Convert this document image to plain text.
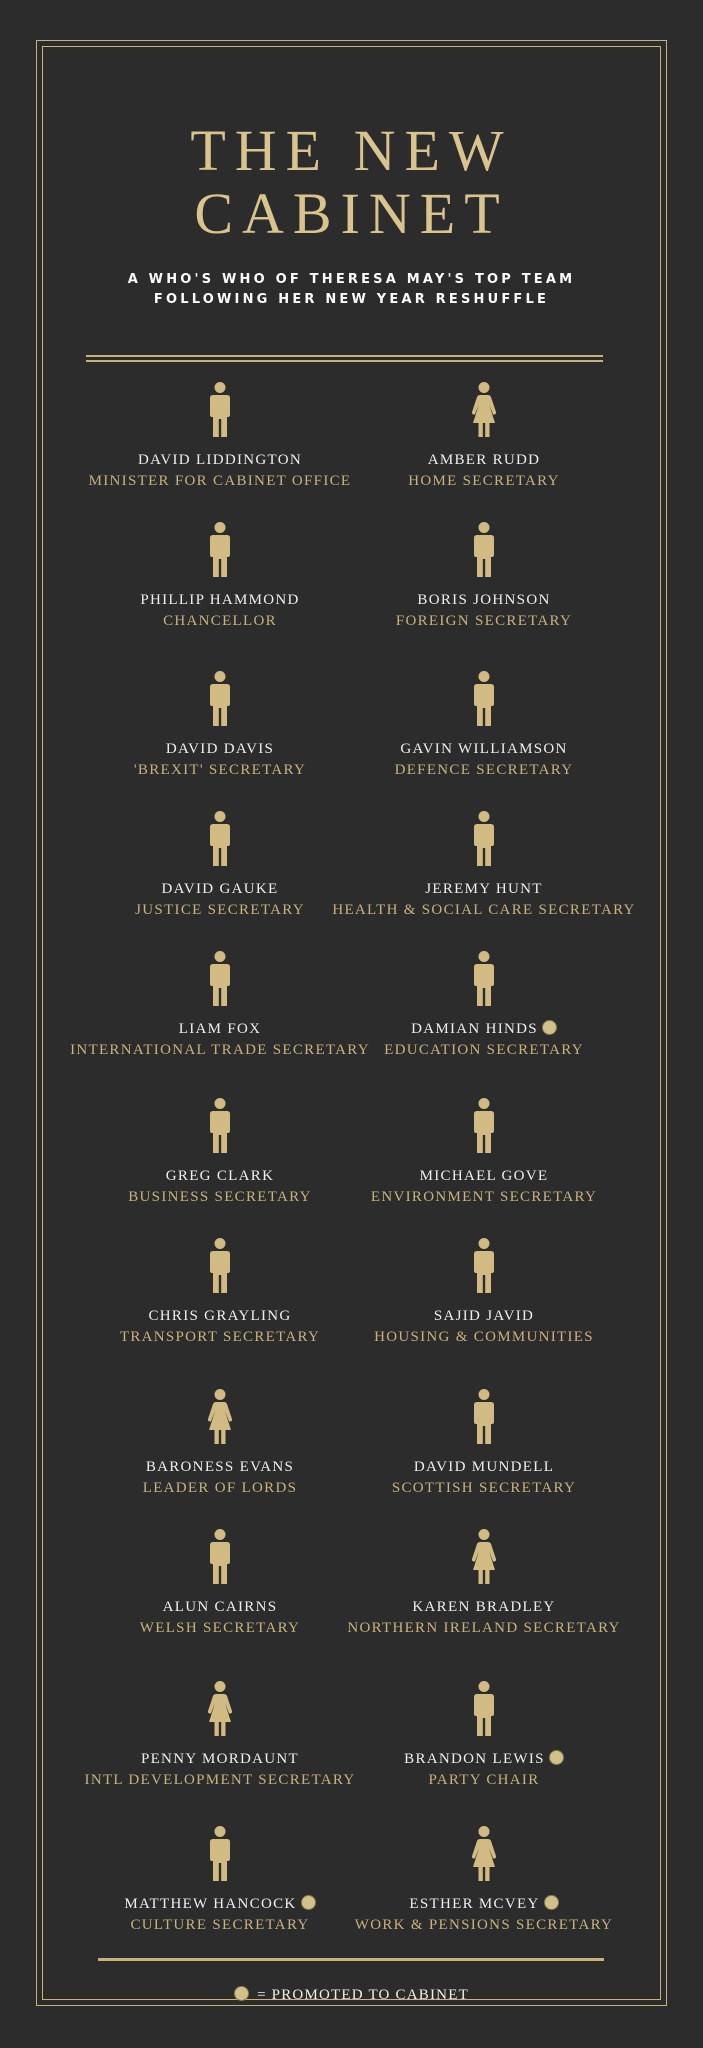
THE NEW
CABINET
A WHO'S WHO OF THERESA MAY'S TOP TEAM
FOLLOWING HER NEW YEAR RESHUFFLE
DAVID LIDDINGTON
MINISTER FOR CABINET OFFICE
AMBER RUDD
HOME SECRETARY
PHILLIP HAMMOND
CHANCELLOR
BORIS JOHNSON
FOREIGN SECRETARY
DAVID DAVIS
'BREXIT' SECRETARY
GAVIN WILLIAMSON
DEFENCE SECRETARY
DAVID GAUKE
JUSTICE SECRETARY
JEREMY HUNT
HEALTH & SOCIAL CARE SECRETARY
LIAM FOX
INTERNATIONAL TRADE SECRETARY
DAMIAN HINDS
EDUCATION SECRETARY
GREG CLARK
BUSINESS SECRETARY
MICHAEL GOVE
ENVIRONMENT SECRETARY
CHRIS GRAYLING
TRANSPORT SECRETARY
SAJID JAVID
HOUSING & COMMUNITIES
BARONESS EVANS
LEADER OF LORDS
DAVID MUNDELL
SCOTTISH SECRETARY
ALUN CAIRNS
WELSH SECRETARY
KAREN BRADLEY
NORTHERN IRELAND SECRETARY
PENNY MORDAUNT
INTL DEVELOPMENT SECRETARY
BRANDON LEWIS
PARTY CHAIR
MATTHEW HANCOCK
CULTURE SECRETARY
ESTHER MCVEY
WORK & PENSIONS SECRETARY
= PROMOTED TO CABINET
